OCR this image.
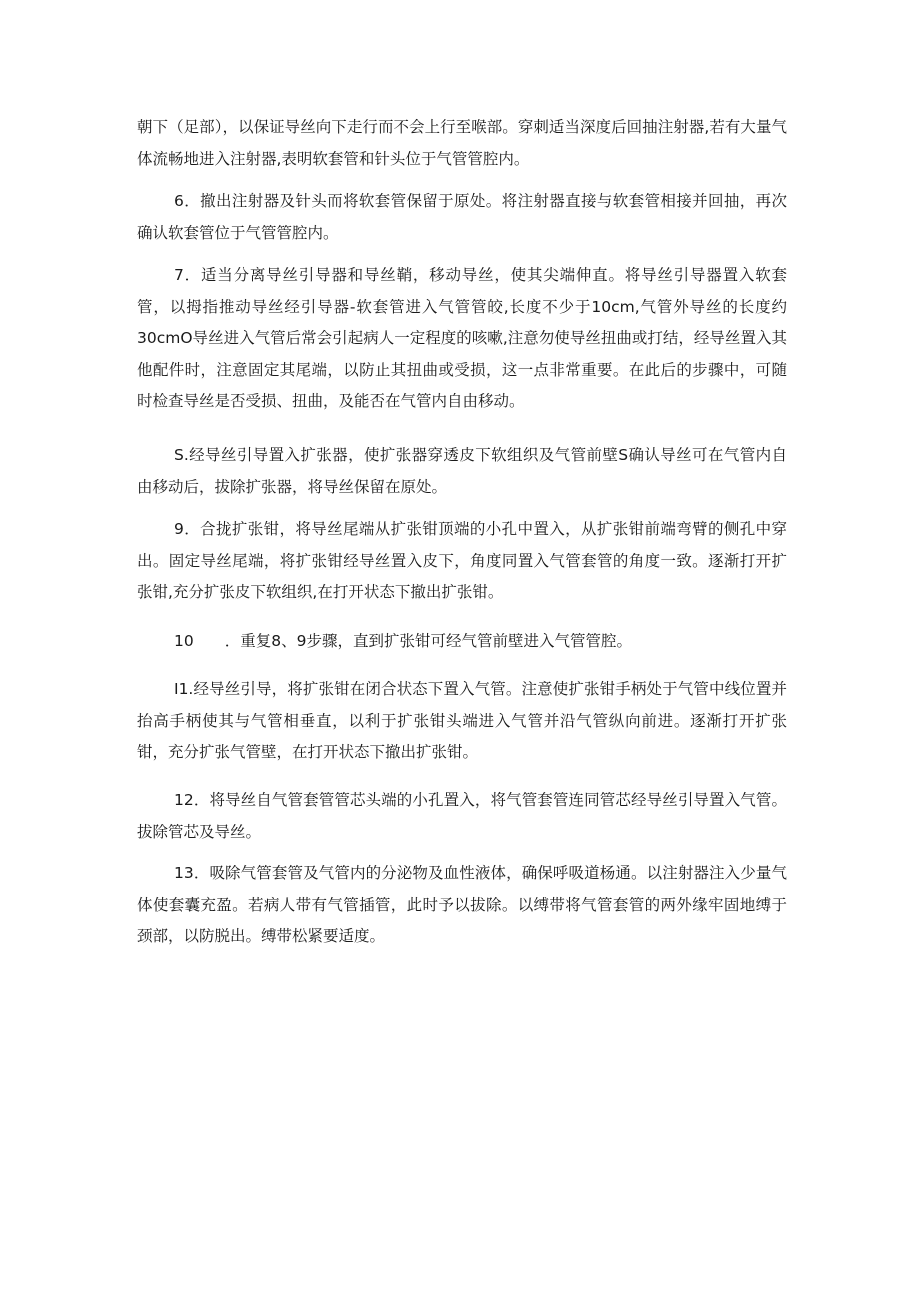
朝下（足部），以保证导丝向下走行而不会上行至喉部。穿刺适当深度后回抽注射器,若有大量气体流畅地进入注射器,表明软套管和针头位于气管管腔内。

6．撤出注射器及针头而将软套管保留于原处。将注射器直接与软套管相接并回抽，再次确认软套管位于气管管腔内。

7．适当分离导丝引导器和导丝鞘，移动导丝，使其尖端伸直。将导丝引导器置入软套管，以拇指推动导丝经引导器-软套管进入气管管皎,长度不少于10cm,气管外导丝的长度约30cmO导丝进入气管后常会引起病人一定程度的咳嗽,注意勿使导丝扭曲或打结，经导丝置入其他配件时，注意固定其尾端，以防止其扭曲或受损，这一点非常重要。在此后的步骤中，可随时检查导丝是否受损、扭曲，及能否在气管内自由移动。

S.经导丝引导置入扩张器，使扩张器穿透皮下软组织及气管前壁S确认导丝可在气管内自由移动后，拔除扩张器，将导丝保留在原处。

9．合拢扩张钳，将导丝尾端从扩张钳顶端的小孔中置入，从扩张钳前端弯臂的侧孔中穿出。固定导丝尾端，将扩张钳经导丝置入皮下，角度同置入气管套管的角度一致。逐渐打开扩张钳,充分扩张皮下软组织,在打开状态下撤出扩张钳。

10　　．重复8、9步骤，直到扩张钳可经气管前壁进入气管管腔。

I1.经导丝引导，将扩张钳在闭合状态下置入气管。注意使扩张钳手柄处于气管中线位置并抬高手柄使其与气管相垂直，以利于扩张钳头端进入气管并沿气管纵向前进。逐渐打开扩张钳，充分扩张气管壁，在打开状态下撤出扩张钳。

12．将导丝自气管套管管芯头端的小孔置入，将气管套管连同管芯经导丝引导置入气管。拔除管芯及导丝。

13．吸除气管套管及气管内的分泌物及血性液体，确保呼吸道杨通。以注射器注入少量气体使套囊充盈。若病人带有气管插管，此时予以拔除。以缚带将气管套管的两外缘牢固地缚于颈部，以防脱出。缚带松紧要适度。
